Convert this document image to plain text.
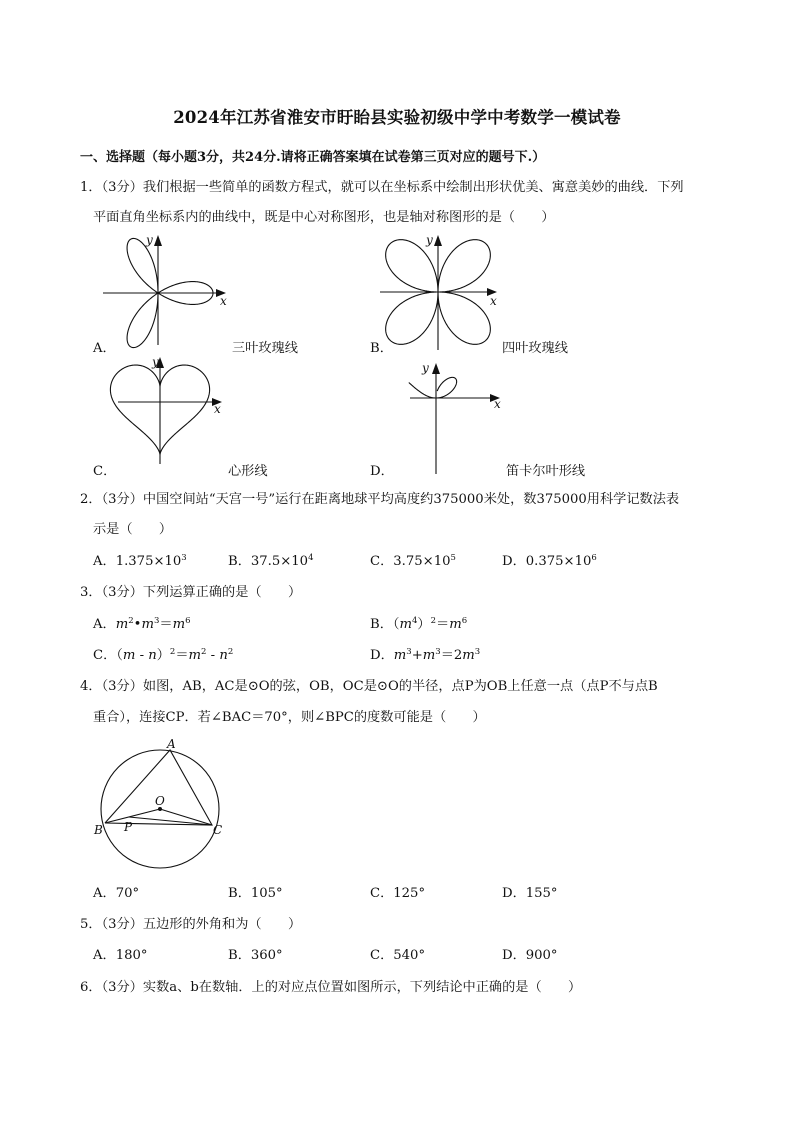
2024年江苏省淮安市盱眙县实验初级中学中考数学一模试卷
一、选择题（每小题3分，共24分.请将正确答案填在试卷第三页对应的题号下.）
1．（3分）我们根据一些简单的函数方程式，就可以在坐标系中绘制出形状优美、寓意美妙的曲线．下列
平面直角坐标系内的曲线中，既是中心对称图形，也是轴对称图形的是（　　）
x
y
A．	三叶玫瑰线
x
y
B．	四叶玫瑰线
x
y
C．	心形线
x
y
D．	笛卡尔叶形线
2．（3分）中国空间站“天宫一号”运行在距离地球平均高度约375000米处，数375000用科学记数法表
示是（　　）
A．$1.375\times 10^3$	B．$37.5\times 10^4$	C．$3.75\times 10^5$	D．$0.375\times 10^6$
3．（3分）下列运算正确的是（　　）
A．$m^2•m^3=m^6$	B．$(m^4)^2=m^6$
C．$(m - n)^2=m^2 - n^2$	D．$m^3+m^3=2m^3$
4．（3分）如图，AB，AC是⊙O的弦，OB，OC是⊙O的半径，点P为OB上任意一点（点P不与点B
重合），连接CP．若∠BAC＝70°，则∠BPC的度数可能是（　　）
A
B	C
O
P
A．70°	B．105°	C．125°	D．155°
5．（3分）五边形的外角和为（　　）
A．180°	B．360°	C．540°	D．900°
6．（3分）实数a、b在数轴．上的对应点位置如图所示，下列结论中正确的是（　　）
